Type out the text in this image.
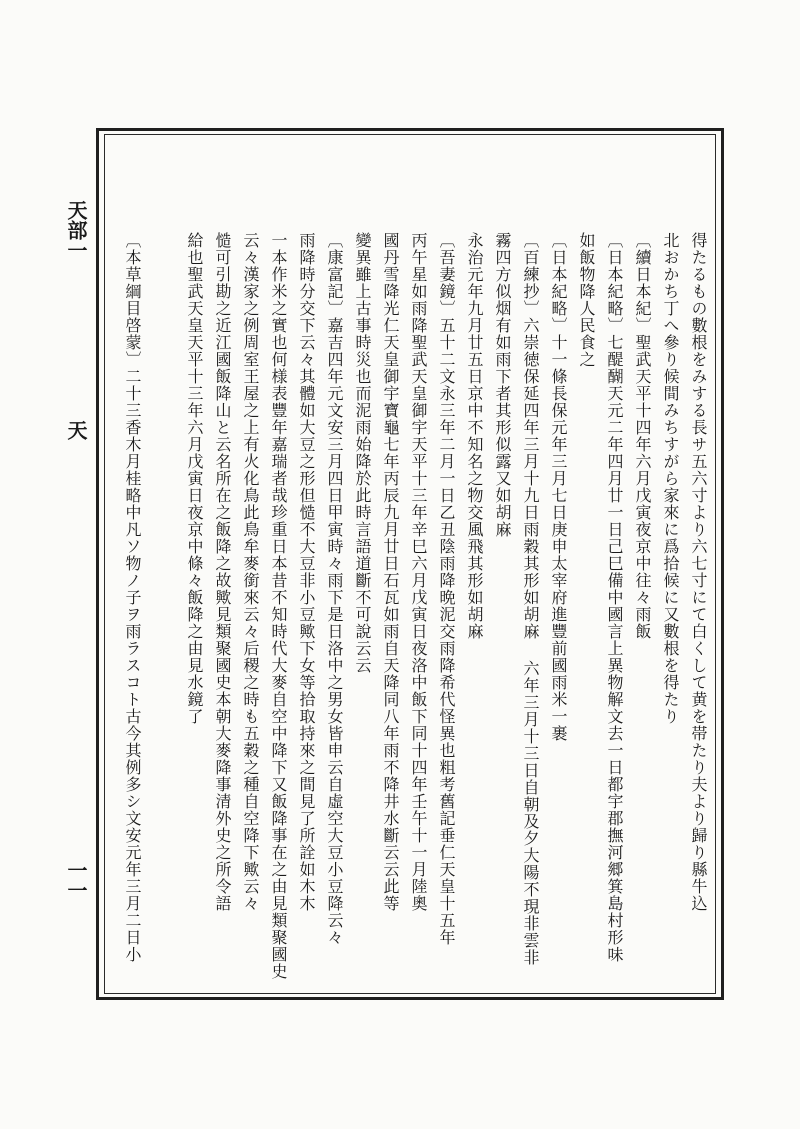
天部一
天
一一	得たるもの數根をみする長サ五六寸より六七寸にて白くして黄を帯たり夫より歸り縣牛込
北おかち丁へ參り候間みちすがら家來に爲拾候に又數根を得たり
〔續日本紀〕聖武天平十四年六月戊寅夜京中往々雨飯
〔日本紀略〕七醍醐天元二年四月廿一日己巳備中國言上異物解文去一日都宇郡撫河郷箕島村形味
如飯物降人民食之
〔日本紀略〕十一條長保元年三月七日庚申太宰府進豐前國雨米一裹
〔百練抄〕六崇徳保延四年三月十九日雨穀其形如胡麻 六年三月十三日自朝及夕大陽不現非雲非
霧四方似烟有如雨下者其形似露又如胡麻
永治元年九月廿五日京中不知名之物交風飛其形如胡麻
〔吾妻鏡〕五十二文永三年二月一日乙丑陰雨降晩泥交雨降希代怪異也粗考舊記垂仁天皇十五年
丙午星如雨降聖武天皇御宇天平十三年辛巳六月戊寅日夜洛中飯下同十四年壬午十一月陸奧
國丹雪降光仁天皇御宇寶龜七年丙辰九月廿日石瓦如雨自天降同八年雨不降井水斷云云此等
變異雖上古事時災也而泥雨始降於此時言語道斷不可說云云
〔康富記〕嘉吉四年元文安三月四日甲寅時々雨下是日洛中之男女皆申云自虛空大豆小豆降云々
雨降時分交下云々其體如大豆之形但慥不大豆非小豆歟下女等拾取持來之間見了所詮如木木
一本作米之實也何様表豐年嘉瑞者哉珍重日本昔不知時代大麥自空中降下又飯降事在之由見類聚國史
云々漢家之例周室王屋之上有火化鳥此鳥牟麥銜來云々后稷之時も五穀之種自空降下歟云々
慥可引勘之近江國飯降山と云名所在之飯降之故歟見類聚國史本朝大麥降事清外史之所令語
給也聖武天皇天平十三年六月戊寅日夜京中條々飯降之由見水鏡了
〔本草綱目啓蒙〕二十三香木月桂略中凡ソ物ノ子ヲ雨ラスコト古今其例多シ文安元年三月二日小
